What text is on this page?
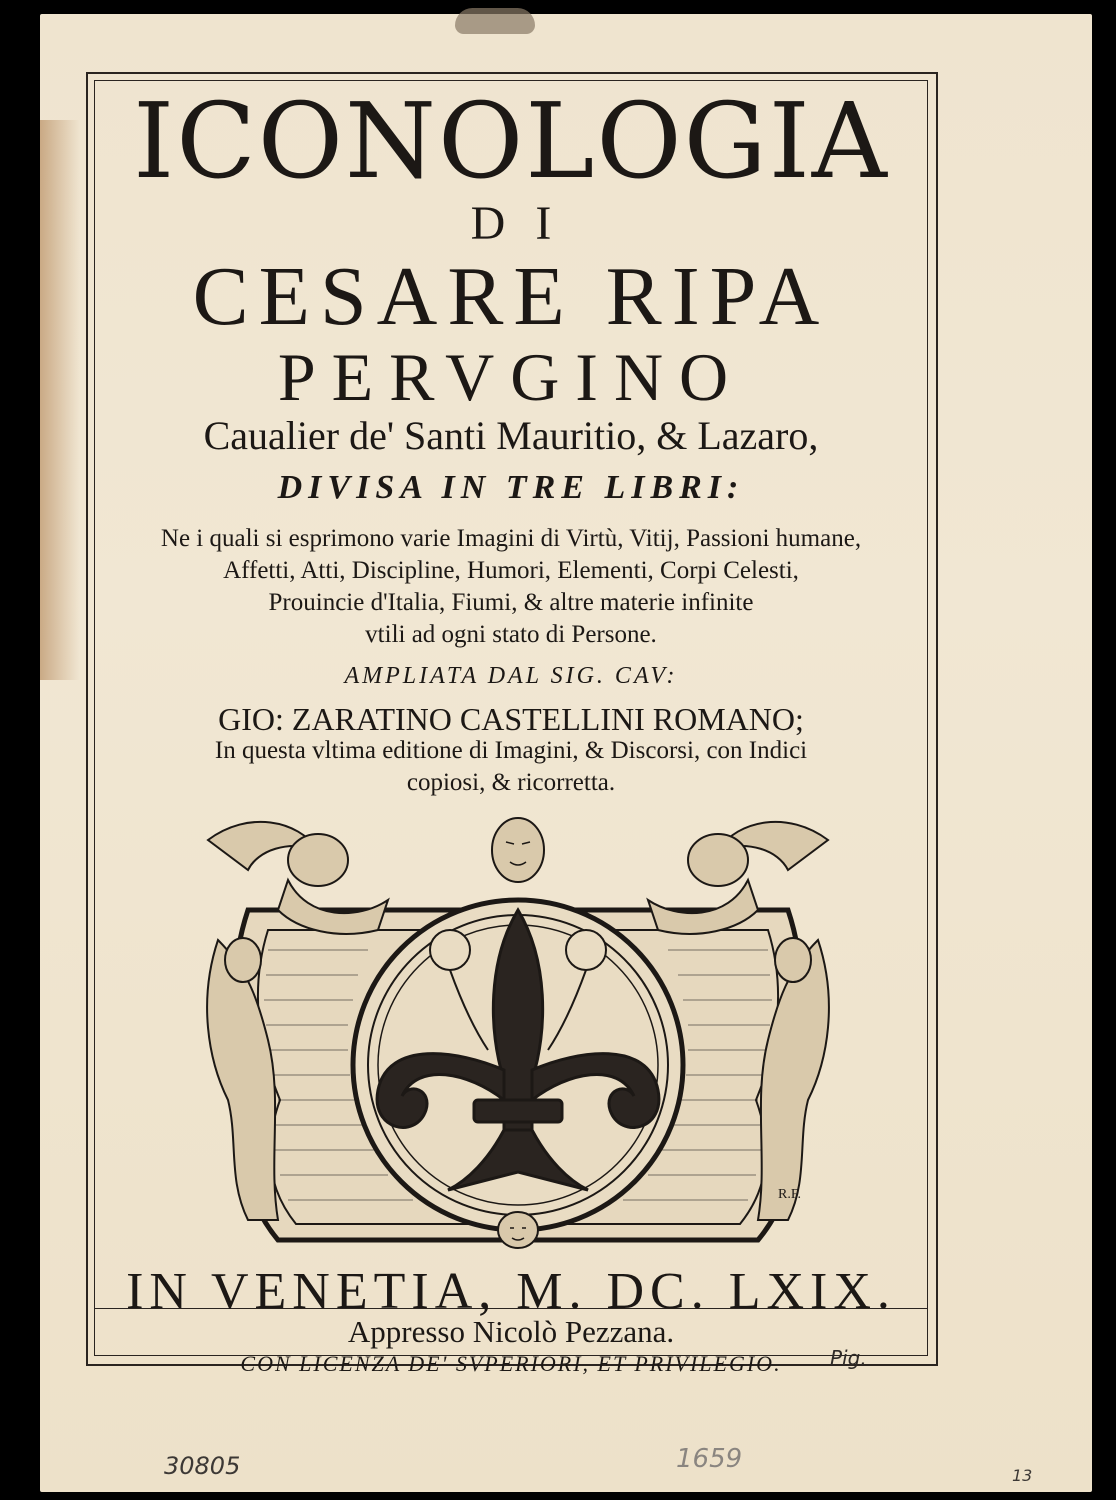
ICONOLOGIA
DI
CESARE RIPA
PERVGINO
Caualier de' Santi Mauritio, & Lazaro,
DIVISA IN TRE LIBRI:
Ne i quali si esprimono varie Imagini di Virtù, Vitij, Passioni humane,
Affetti, Atti, Discipline, Humori, Elementi, Corpi Celesti,
Prouincie d'Italia, Fiumi, & altre materie infinite
vtili ad ogni stato di Persone.
AMPLIATA DAL SIG. CAV:
GIO: ZARATINO CASTELLINI ROMANO;
In questa vltima editione di Imagini, & Discorsi, con Indici
copiosi, & ricorretta.
R.F.
IN VENETIA, M. DC. LXIX.
Appresso Nicolò Pezzana.
CON LICENZA DE' SVPERIORI, ET PRIVILEGIO.	Pig.
1659
30805	13
